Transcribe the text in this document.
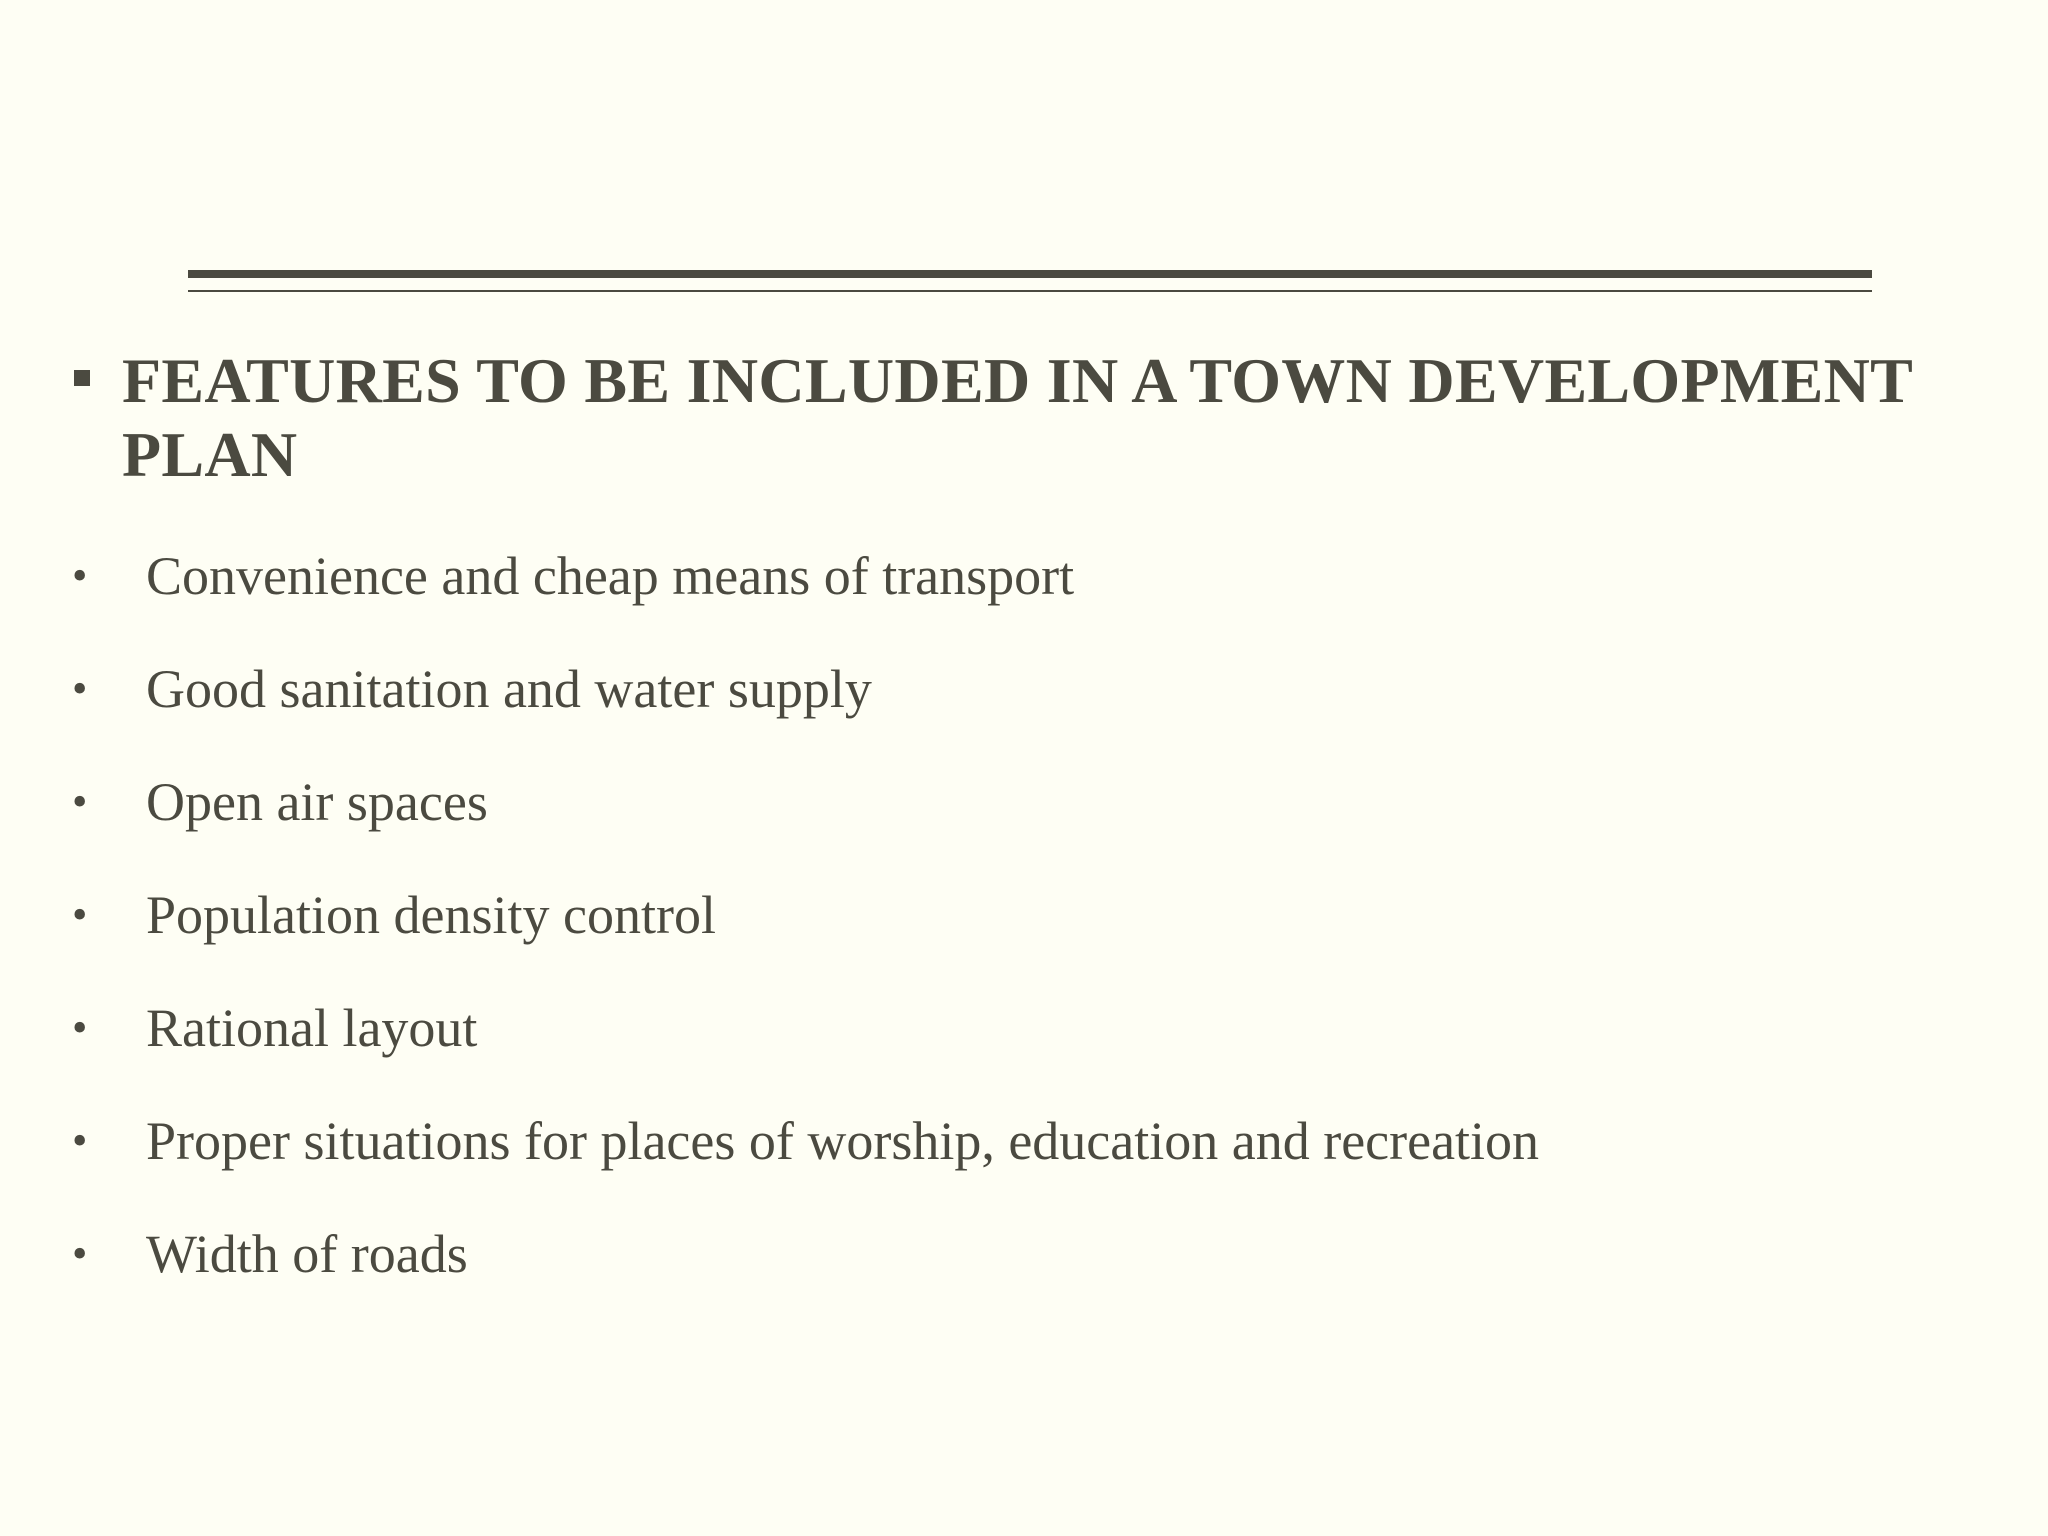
FEATURES TO BE INCLUDED IN A TOWN DEVELOPMENT PLAN
• Convenience and cheap means of transport
• Good sanitation and water supply
• Open air spaces
• Population density control
• Rational layout
• Proper situations for places of worship, education and recreation
• Width of roads
